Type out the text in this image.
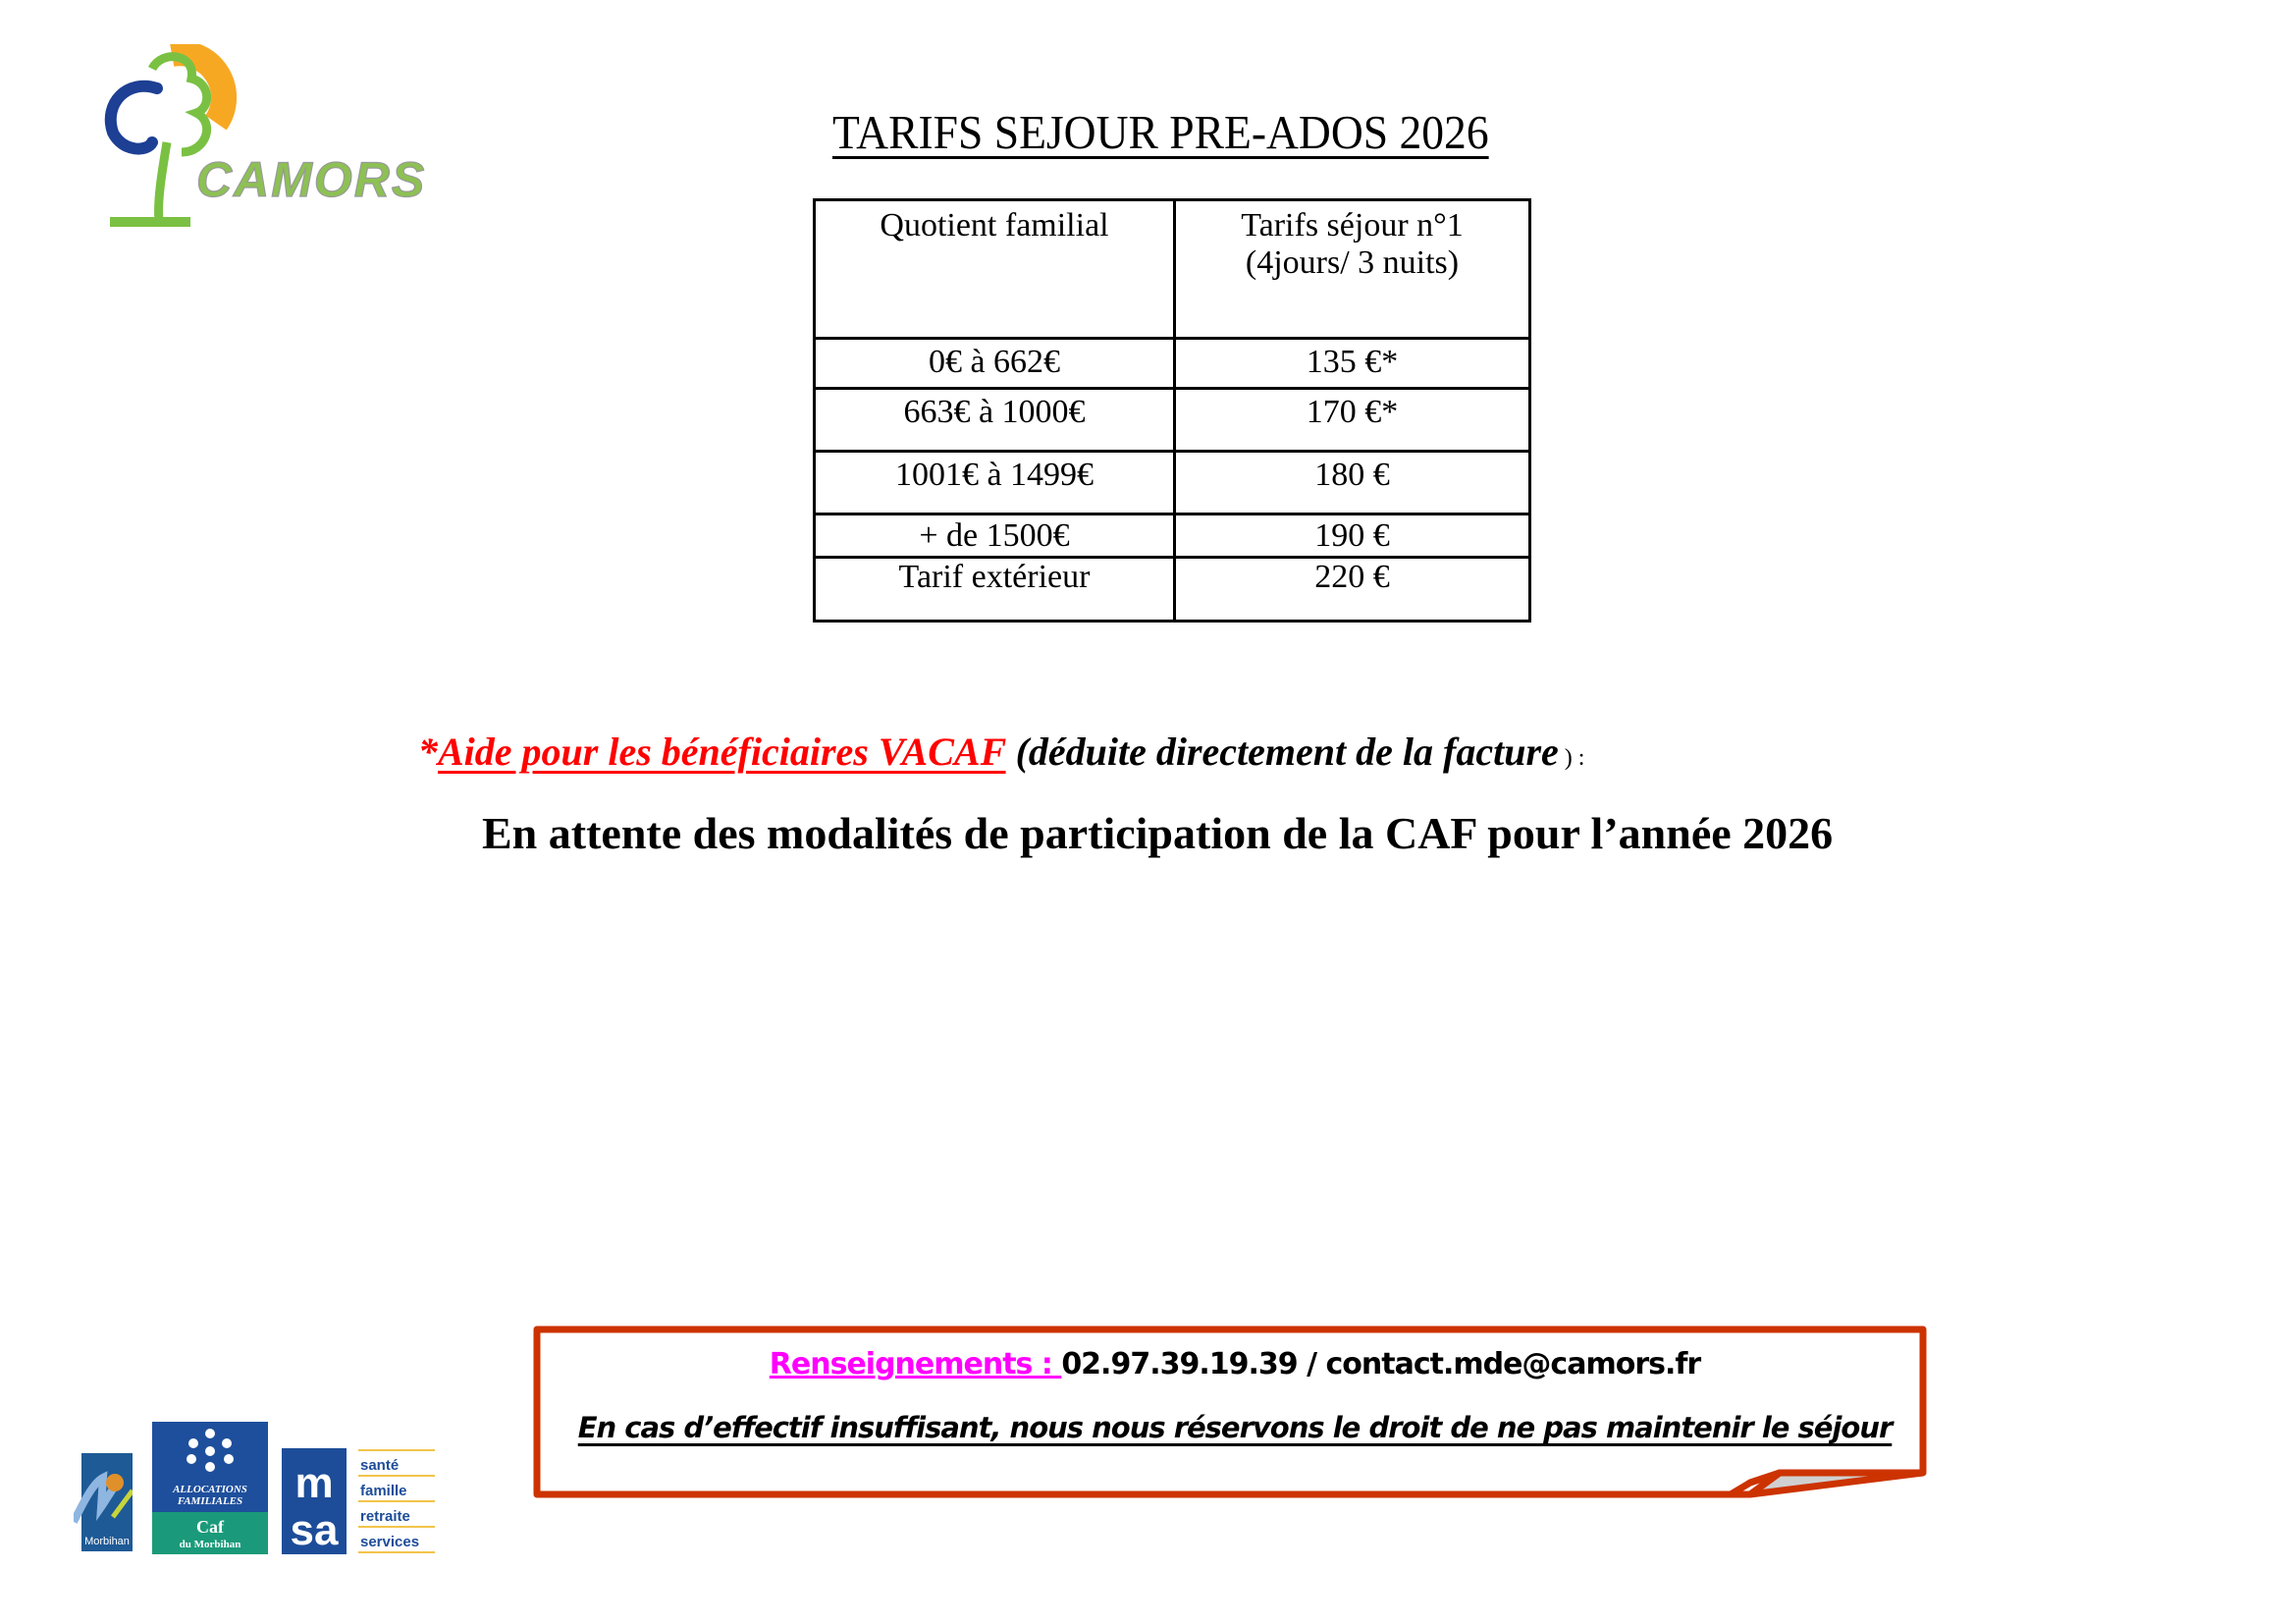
CAMORS
TARIFS SEJOUR PRE-ADOS 2026
Quotient familial	Tarifs séjour n°1
(4jours/ 3 nuits)
0€ à 662€	135 €*
663€ à 1000€	170 €*
1001€ à 1499€	180 €
+ de 1500€	190 €
Tarif extérieur	220 €
*Aide pour les bénéficiaires VACAF (déduite directement de la facture ) :
En attente des modalités de participation de la CAF pour l’année 2026
Renseignements : 02.97.39.19.39 / contact.mde@camors.fr
En cas d’effectif insuffisant, nous nous réservons le droit de ne pas maintenir le séjour
Morbihan
ALLOCATIONS
FAMILIALES
Caf
du Morbihan
m
sa
santé
famille
retraite
services
